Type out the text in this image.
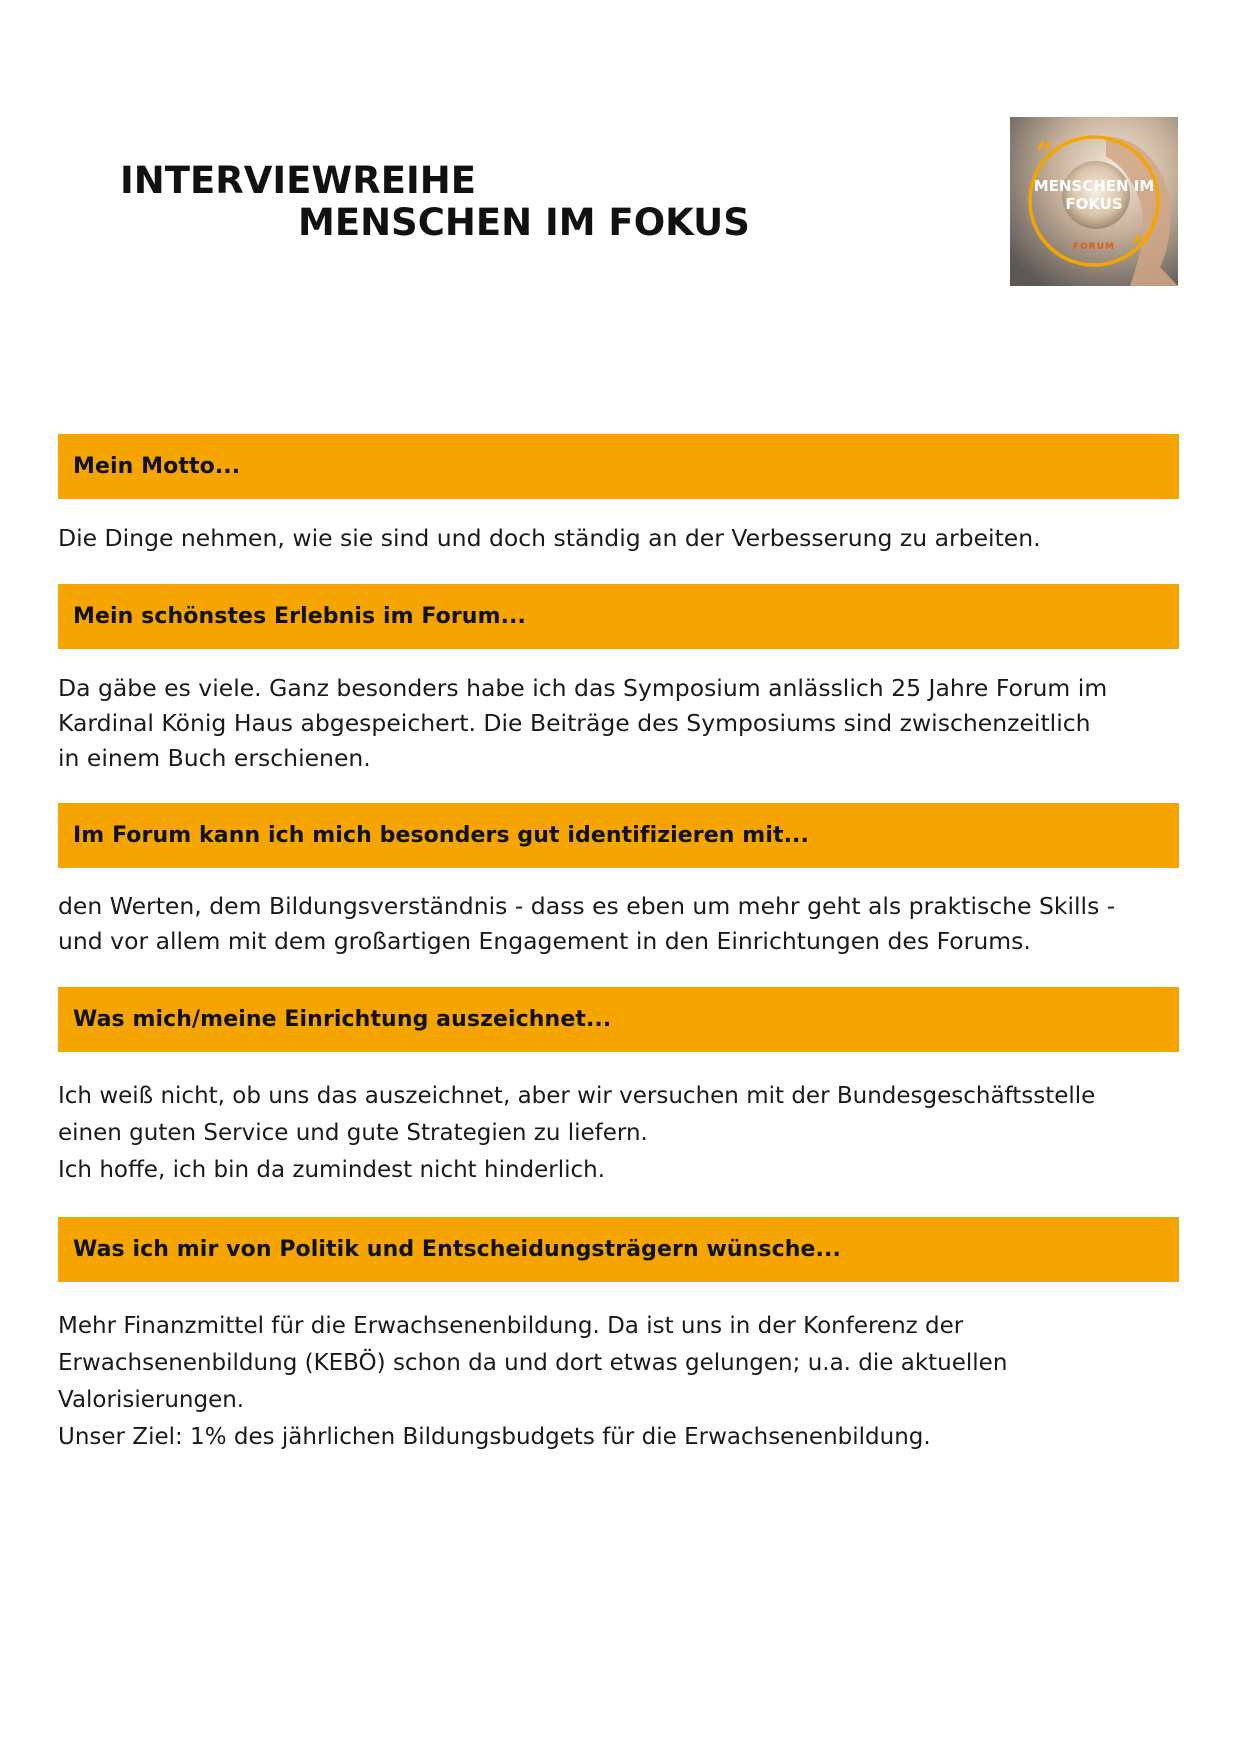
INTERVIEWREIHE
MENSCHEN IM FOKUS
“
”
MENSCHEN IM
FOKUS
FORUM
Mein Motto...

Die Dinge nehmen, wie sie sind und doch ständig an der Verbesserung zu arbeiten.

Mein schönstes Erlebnis im Forum...

Da gäbe es viele. Ganz besonders habe ich das Symposium anlässlich 25 Jahre Forum im

Kardinal König Haus abgespeichert. Die Beiträge des Symposiums sind zwischenzeitlich

in einem Buch erschienen.

Im Forum kann ich mich besonders gut identifizieren mit...

den Werten, dem Bildungsverständnis - dass es eben um mehr geht als praktische Skills -

und vor allem mit dem großartigen Engagement in den Einrichtungen des Forums.

Was mich/meine Einrichtung auszeichnet...

Ich weiß nicht, ob uns das auszeichnet, aber wir versuchen mit der Bundesgeschäftsstelle

einen guten Service und gute Strategien zu liefern.

Ich hoffe, ich bin da zumindest nicht hinderlich.

Was ich mir von Politik und Entscheidungsträgern wünsche...

Mehr Finanzmittel für die Erwachsenenbildung. Da ist uns in der Konferenz der

Erwachsenenbildung (KEBÖ) schon da und dort etwas gelungen; u.a. die aktuellen

Valorisierungen.

Unser Ziel: 1% des jährlichen Bildungsbudgets für die Erwachsenenbildung.
